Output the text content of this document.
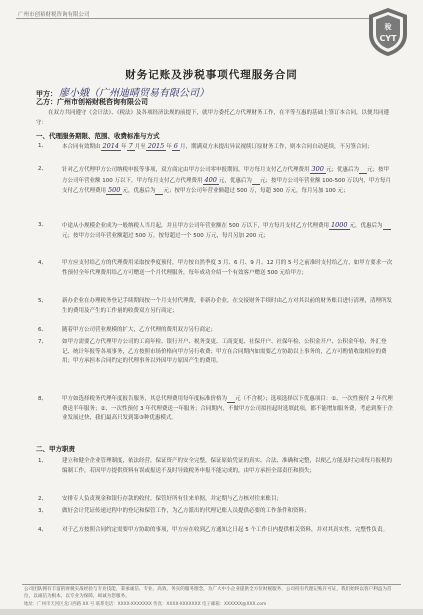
广州市创裕财税咨询有限公司
稅
CYT
财务记账及涉税事项代理服务合同
甲方： 廖小娥（广州迪晴贸易有限公司）
乙方：广州市创裕财税咨询有限公司
在双方共同遵守《会计法》、《税法》及各项经济法规的前提下，就甲方委托乙方代理财务工作，在平等互惠的基础上签订本合同，以便共同遵守：
一、代理服务期限、范围、收费标准与方式
1、	本合同有效期由 2014 年 7 月至 2015 年 6 月，期满双方未提出异议视续订原财务工作，则本合同自动延续，不另签合同；
2、	针对乙方代理甲方公司纳税申报等事项，双方商定由甲方公司零申报期间，甲方每月支付乙方代理费用 300 元；优惠后为 元；按甲方公司年营业额 100 万以下，甲方每月支付乙方代理费用 400 元，优惠后为 元；按甲方公司年营业额 100-500 万以内，甲方每月支付乙方代理费用 500 元，优惠后为 元；按甲方公司年营业额超过 500 万，每超 300 万元，每月另加 100 元；
3、	中途从小规模企业成为一般纳税人当月起，并且甲方公司年营业额在 500 万以下，甲方每月支付乙方代理费用 1000 元，优惠后为元；按甲方公司年营业额超过 500 万，按每超过一个 500 万元，每月另加 200 元；
4、	甲方应支付给乙方的代理费用采取按季度预付，甲方按自然季度 3 月、6 月、9 月、12 月的 5 号之前准时支付给乙方，如甲方要求一次性预付全年代理费用给乙方可赠送一个月代理服务，每年成功介绍一个有效客户赠送 500 元给甲方；
5、	新办企业在办理税务登记手续期间按一个月支付代理费，非新办企业，在交接财务手续时由乙方对其以前的财务账目进行清理，清理所发生的费用及产生的工作量的收费双方另行商定；
6、	随着甲方公司营业规模的扩大，乙方代理的费用双方另行商定；
7、	如甲方需要乙方代理甲方公司的工商年检、银行开户、税务变更、工商变更、社保开户、社保年检、公积金开户、公积金年检、外汇登记、统计年报等各项事务，乙方按照市场价格向甲方另行收费；甲方在合同期内如需要乙方协助以上事务的，乙方可酌情收取相应的费用；甲方承担本合同约定的代理事务以外因甲方原因产生的费用。
8、	甲方如选择税务代理年度报告服务，其总代理费用每年度标准价格为 元（不含税）；选项选择以下优惠项目：①、一次性预付 2 年代理费送半年服务；②、一次性预付 3 年代理费送一年服务；合同期内，不做甲方公司拟挂起时选填此项，都不能增加服务费，考虑到鉴于企业发展过快，我们最高只发到第③种优惠模式。
二、甲方职责
1、	建立和健全企业管理制度，依法经营，保证资产的安全完整，保证原始凭证的真实、合法、准确和完整，以便乙方能及时完成每月报税的编制工作，若因甲方提供资料有误或报送不及时导致税务申报不能完成的，由甲方承担全部责任和损失；
2、	安排专人负责现金和银行存款的收付，保管好所有往来单据，并定期与乙方核对往来账目；
3、	做好会计凭证传递过程中的登记和保管工作，为乙方派出的代理记账人员提供必要的工作条件和资料；
4、	对于乙方按照合同约定需要甲方协助的事项，甲方应在收到乙方通知之日起 5 个工作日内提供相关资料，并对其真实性、完整性负责。
公司团队拥有丰富的财税实战经验与专业技能，秉承诚信、专业、高效、务实的服务理念，为广大中小企业提供全方位财税服务，公司持有代理记账许可证，我们始终以客户利益为首位，以诚信为根本，以专业为保障，竭诚为您服务。
地址：广州市天河区龙口西路 XX 号 联系电话：XXXX-XXXXXXX 传真：XXXX-XXXXXXX 电子邮箱：XXXXXX@XXX.com
